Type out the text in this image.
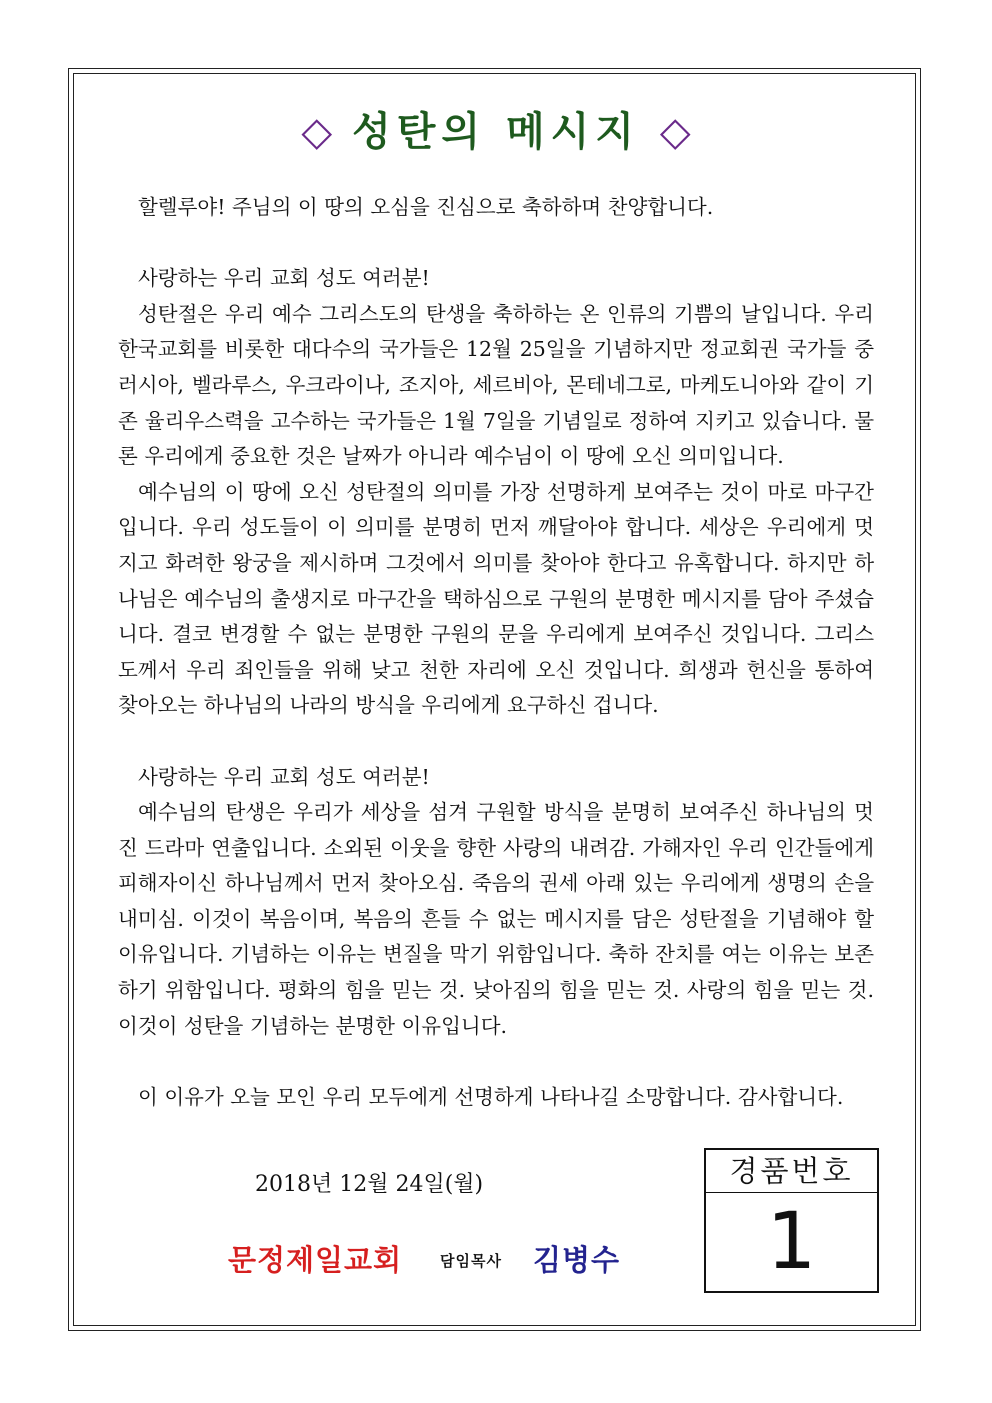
◇ 성탄의 메시지 ◇

할렐루야! 주님의 이 땅의 오심을 진심으로 축하하며 찬양합니다.

사랑하는 우리 교회 성도 여러분!

성탄절은 우리 예수 그리스도의 탄생을 축하하는 온 인류의 기쁨의 날입니다. 우리 한국교회를 비롯한 대다수의 국가들은 12월 25일을 기념하지만 정교회권 국가들 중 러시아, 벨라루스, 우크라이나, 조지아, 세르비아, 몬테네그로, 마케도니아와 같이 기존 율리우스력을 고수하는 국가들은 1월 7일을 기념일로 정하여 지키고 있습니다. 물론 우리에게 중요한 것은 날짜가 아니라 예수님이 이 땅에 오신 의미입니다.

예수님의 이 땅에 오신 성탄절의 의미를 가장 선명하게 보여주는 것이 마로 마구간입니다. 우리 성도들이 이 의미를 분명히 먼저 깨달아야 합니다. 세상은 우리에게 멋지고 화려한 왕궁을 제시하며 그것에서 의미를 찾아야 한다고 유혹합니다. 하지만 하나님은 예수님의 출생지로 마구간을 택하심으로 구원의 분명한 메시지를 담아 주셨습니다. 결코 변경할 수 없는 분명한 구원의 문을 우리에게 보여주신 것입니다. 그리스도께서 우리 죄인들을 위해 낮고 천한 자리에 오신 것입니다. 희생과 헌신을 통하여 찾아오는 하나님의 나라의 방식을 우리에게 요구하신 겁니다.

사랑하는 우리 교회 성도 여러분!

예수님의 탄생은 우리가 세상을 섬겨 구원할 방식을 분명히 보여주신 하나님의 멋진 드라마 연출입니다. 소외된 이웃을 향한 사랑의 내려감. 가해자인 우리 인간들에게 피해자이신 하나님께서 먼저 찾아오심. 죽음의 권세 아래 있는 우리에게 생명의 손을 내미심. 이것이 복음이며, 복음의 흔들 수 없는 메시지를 담은 성탄절을 기념해야 할 이유입니다. 기념하는 이유는 변질을 막기 위함입니다. 축하 잔치를 여는 이유는 보존하기 위함입니다. 평화의 힘을 믿는 것. 낮아짐의 힘을 믿는 것. 사랑의 힘을 믿는 것. 이것이 성탄을 기념하는 분명한 이유입니다.

이 이유가 오늘 모인 우리 모두에게 선명하게 나타나길 소망합니다. 감사합니다.

2018년 12월 24일(월)
문정제일교회	담임목사 김병수
경품번호
1
